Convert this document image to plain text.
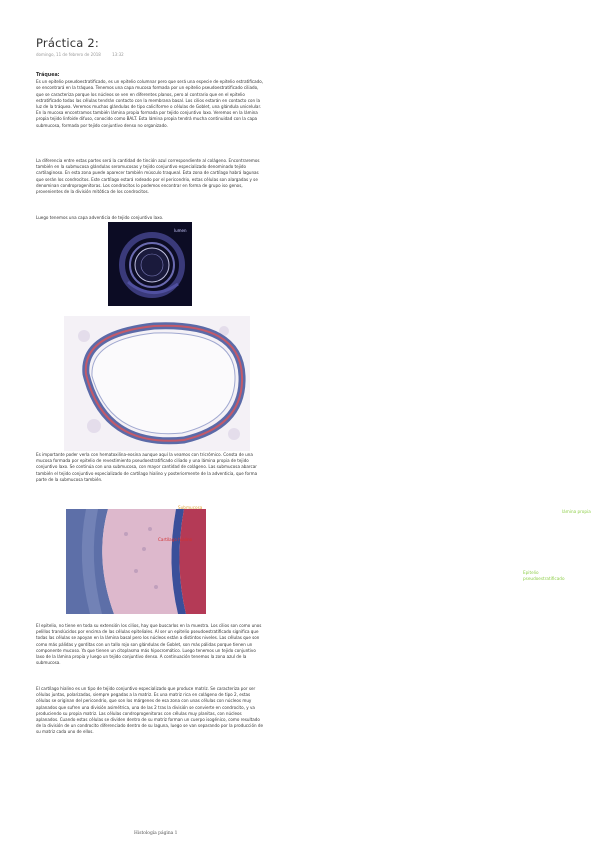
Práctica 2:
domingo, 11 de febrero de 2018	13:32

Tráquea:

Es un epitelio pseudoestratificado, es un epitelio columnar pero que será una especie de epitelio estratificado, se encontrará en la tráquea. Tenemos una capa mucosa formada por un epitelio pseudoestratificado ciliado, que se caracteriza porque los núcleos se ven en diferentes planos, pero al contrario que en el epitelio estratificado todas las células tendrán contacto con la membrana basal. Los cilios estarán en contacto con la luz de la tráquea. Veremos muchas glándulas de tipo caliciforme o células de Goblet, una glándula unicelular. En la mucosa encontramos también lámina propia formada por tejido conjuntivo laxo. Veremos en la lámina propia tejido linfoide difuso, conocido como BALT. Esta lámina propia tendrá mucha continuidad con la capa submucosa, formada por tejido conjuntivo denso no organizado.

La diferencia entre estas partes será la cantidad de tinción azul correspondiente al colágeno. Encontraremos también en la submucosa glándulas seromucosas y tejido conjuntivo especializado denominado tejido cartilaginoso. En esta zona puede aparecer también músculo traqueal. Esta zona de cartílago habrá lagunas que serán los condrocitos. Este cartílago estará rodeado por el pericondrio, estas células son alargadas y se denominan condroprogenitoras. Los condrocitos lo podemos encontrar en forma de grupo iso genos, provenientes de la división mitótica de los condrocitos.
Luego tenemos una capa adventicia de tejido conjuntivo laxo.
lumen
Es importante poder verla con hematoxilina-eosina aunque aquí la veamos con tricrómico. Consta de una mucosa formada por epitelio de revestimiento pseudoestratificado ciliado y una lámina propia de tejido conjuntivo laxo. Se continúa con una submucosa, con mayor cantidad de colágeno. Las submucosa abarcar también el tejido conjuntivo especializado de cartílago hialino y posteriormente de la adventicia, que forma parte de la submucosa también.
Submucosa
Cartílago hialino
lámina propia
Epitelio pseudoestratificado
El epitelio, no tiene en toda su extensión los cilios, hay que buscarlos en la muestra. Los cilios son como unos pelillos translúcidos por encima de las células epiteliales. Al ser un epitelio pseudoestratificado significa que todas las células se apoyan en la lámina basal pero los núcleos están a distintos niveles. Las células que son como más pálidas y gorditas con un tallo rojo son glándulas de Goblet, son más pálidas porque tienen un componente mucoso. Ya que tienen un citoplasma más hipocromático. Luego tenemos un tejido conjuntivo laxo de la lámina propia y luego un tejido conjuntivo denso. A continuación tenemos la zona azul de la submucosa.
El cartílago hialino es un tipo de tejido conjuntivo especializado que produce matriz. Se caracteriza por ser células juntas, polarizadas, siempre pegadas a la matriz. Es una matriz rica en colágeno de tipo 2, estas células se originan del pericondrio, que son los márgenes de esa zona con unas células con núcleos muy aplanados que sufren una división asimétrica, una de las 2 tras la división se convierte en condrocito, y va produciendo su propia matriz. Las células condroprogenitoras con células muy planitas, con núcleos aplanados. Cuando estas células se dividen dentro de su matriz forman un cuerpo isogénico, como resultado de la división de un condrocito diferenciado dentro de su laguna, luego se van separando por la producción de su matriz cada uno de ellos.
Histología página 1
